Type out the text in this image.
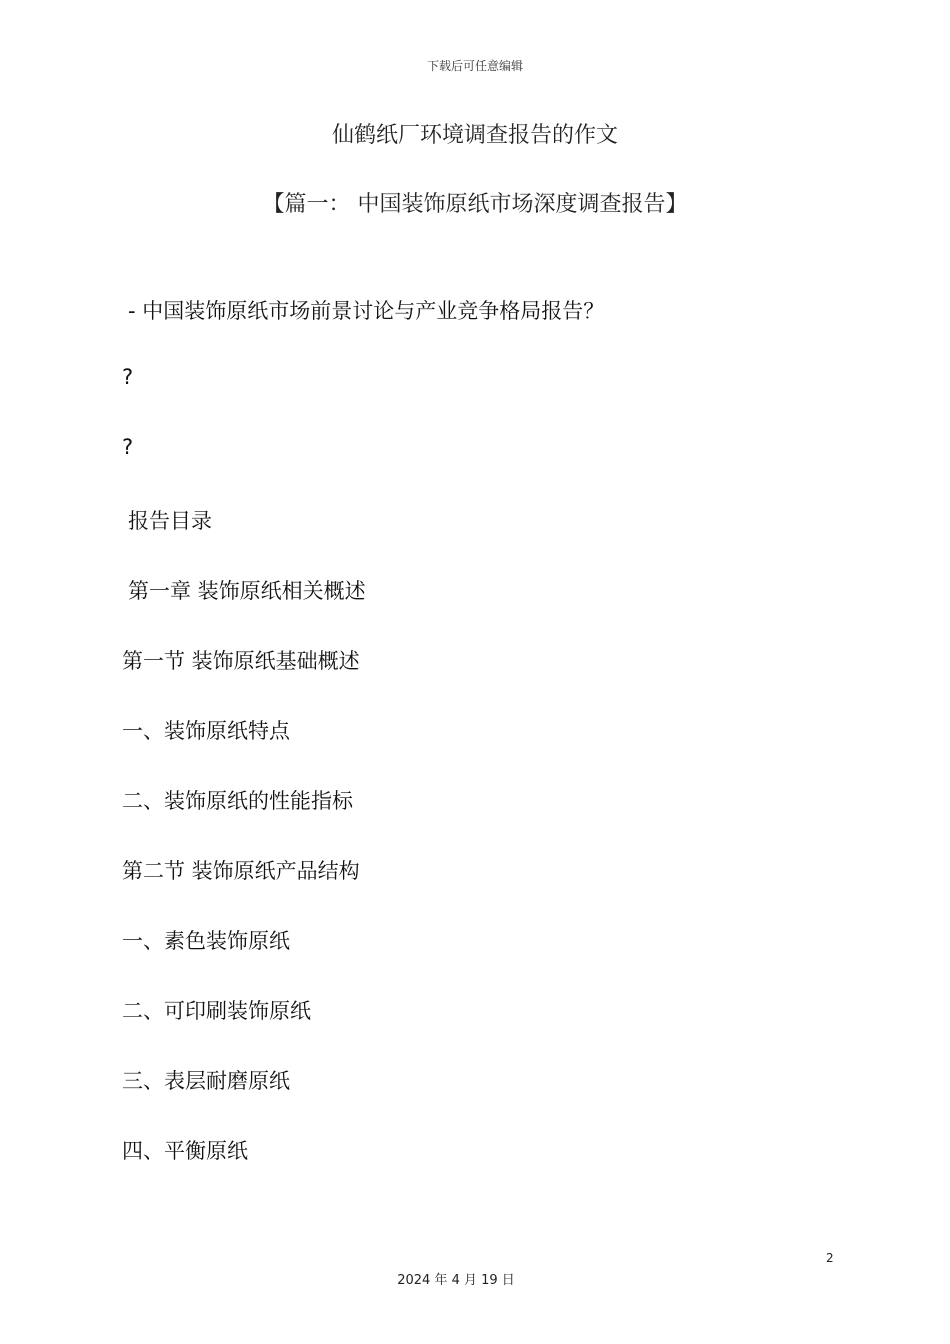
下载后可任意编辑
仙鹤纸厂环境调查报告的作文
【篇一： 中国装饰原纸市场深度调查报告】
- 中国装饰原纸市场前景讨论与产业竞争格局报告？
?
?
报告目录
第一章 装饰原纸相关概述
第一节 装饰原纸基础概述
一、装饰原纸特点
二、装饰原纸的性能指标
第二节 装饰原纸产品结构
一、素色装饰原纸
二、可印刷装饰原纸
三、表层耐磨原纸
四、平衡原纸
2
2024 年 4 月 19 日
